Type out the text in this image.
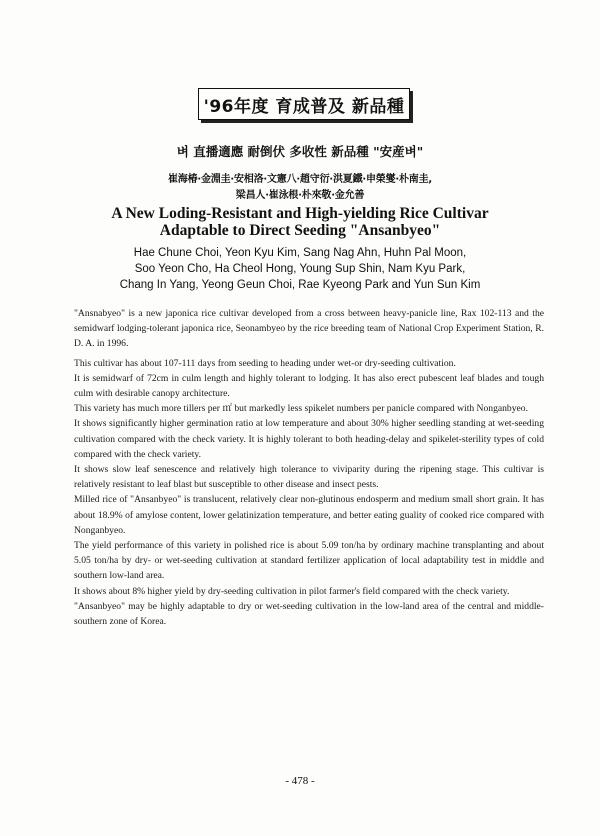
'96年度 育成普及 新品種
벼 直播適應 耐倒伏 多收性 新品種 "安産벼"
崔海椿·金淵圭·安相洛·文憲八·趙守衍·洪夏鐵·申榮燮·朴南圭,
梁昌人·崔泳根·朴來敬·金允善
A New Loding-Resistant and High-yielding Rice Cultivar
Adaptable to Direct Seeding "Ansanbyeo"
Hae Chune Choi, Yeon Kyu Kim, Sang Nag Ahn, Huhn Pal Moon,
Soo Yeon Cho, Ha Cheol Hong, Young Sup Shin, Nam Kyu Park,
Chang In Yang, Yeong Geun Choi, Rae Kyeong Park and Yun Sun Kim

"Ansnabyeo" is a new japonica rice cultivar developed from a cross between heavy-panicle line, Rax 102-113 and the semidwarf lodging-tolerant japonica rice, Seonambyeo by the rice breeding team of National Crop Experiment Station, R. D. A. in 1996.

This cultivar has about 107-111 days from seeding to heading under wet-or dry-seeding cultivation.

It is semidwarf of 72cm in culm length and highly tolerant to lodging. It has also erect pubescent leaf blades and tough culm with desirable canopy architecture.

This variety has much more tillers per ㎡ but markedly less spikelet numbers per panicle compared with Nonganbyeo.

It shows significantly higher germination ratio at low temperature and about 30% higher seedling standing at wet-seeding cultivation compared with the check variety. It is highly tolerant to both heading-delay and spikelet-sterility types of cold compared with the check variety.

It shows slow leaf senescence and relatively high tolerance to viviparity during the ripening stage. This cultivar is relatively resistant to leaf blast but susceptible to other disease and insect pests.

Milled rice of "Ansanbyeo" is translucent, relatively clear non-glutinous endosperm and medium small short grain. It has about 18.9% of amylose content, lower gelatinization temperature, and better eating guality of cooked rice compared with Nonganbyeo.

The yield performance of this variety in polished rice is about 5.09 ton/ha by ordinary machine transplanting and about 5.05 ton/ha by dry- or wet-seeding cultivation at standard fertilizer application of local adaptability test in middle and southern low-land area.

It shows about 8% higher yield by dry-seeding cultivation in pilot farmer's field compared with the check variety.

"Ansanbyeo" may be highly adaptable to dry or wet-seeding cultivation in the low-land area of the central and middle-southern zone of Korea.

- 478 -
